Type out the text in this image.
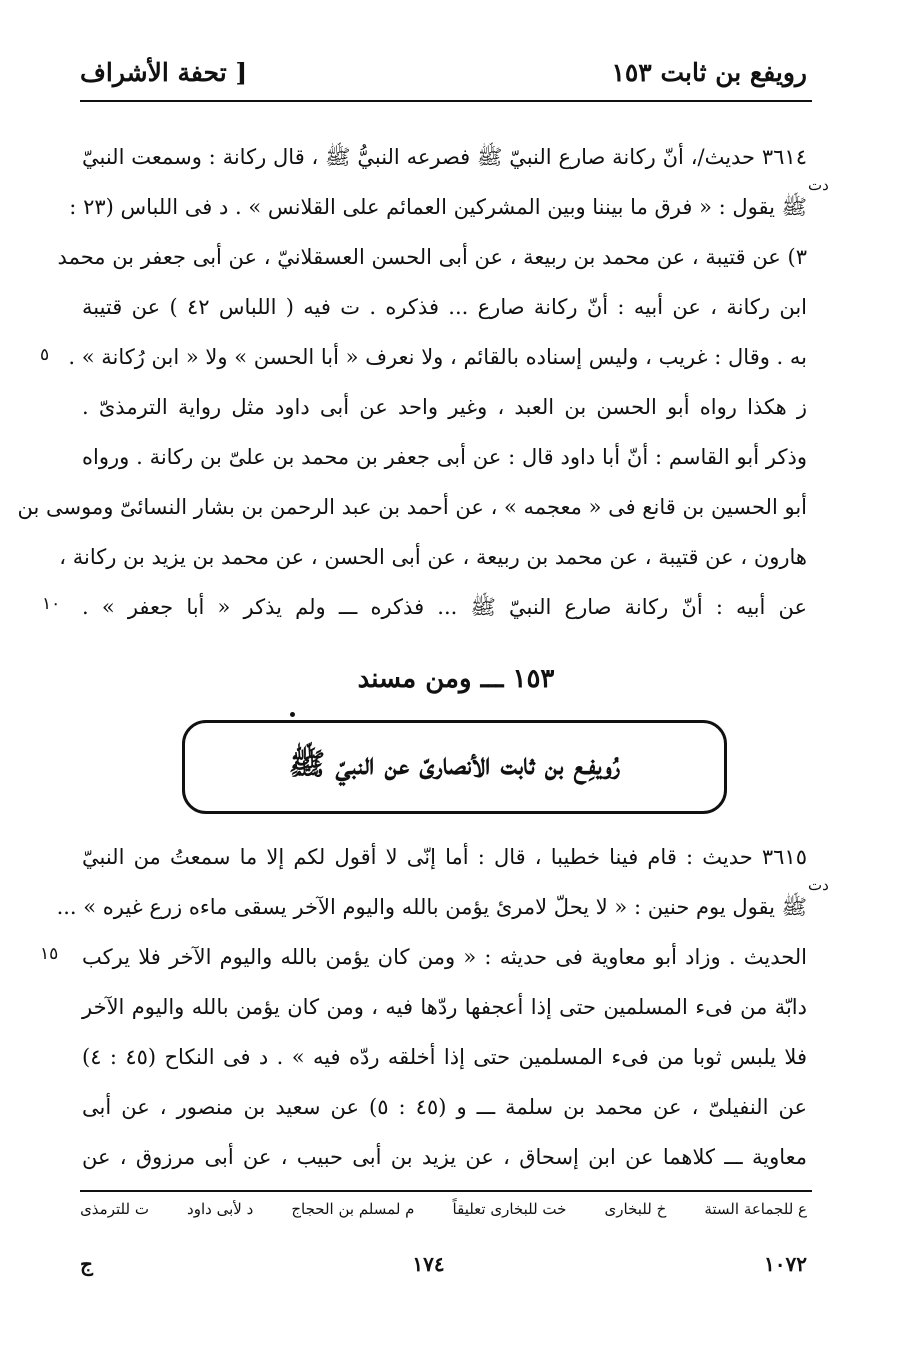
رويفع بن ثابت ١٥٣
[ تحفة الأشراف
٣٦١٤ حديث/، أنّ ركانة صارع النبيّ ﷺ فصرعه النبيُّ ﷺ ، قال ركانة : وسمعت النبيّ
ﷺ يقول : « فرق ما بيننا وبين المشركين العمائم على القلانس » . د فى اللباس (٢٣ :
٣) عن قتيبة ، عن محمد بن ربيعة ، عن أبى الحسن العسقلانيّ ، عن أبى جعفر بن محمد
ابن ركانة ، عن أبيه : أنّ ركانة صارع ... فذكره . ت فيه ( اللباس ٤٢ ) عن قتيبة
به . وقال : غريب ، وليس إسناده بالقائم ، ولا نعرف « أبا الحسن » ولا « ابن رُكانة » .
ز هكذا رواه أبو الحسن بن العبد ، وغير واحد عن أبى داود مثل رواية الترمذىّ .
وذكر أبو القاسم : أنّ أبا داود قال : عن أبى جعفر بن محمد بن علىّ بن ركانة . ورواه
أبو الحسين بن قانع فى « معجمه » ، عن أحمد بن عبد الرحمن بن بشار النسائىّ وموسى بن
هارون ، عن قتيبة ، عن محمد بن ربيعة ، عن أبى الحسن ، عن محمد بن يزيد بن ركانة ،
عن أبيه : أنّ ركانة صارع النبيّ ﷺ ... فذكره ـــ ولم يذكر « أبا جعفر » .
دت
٥
١٠
١٥٣ ـــ ومن مسند
رُويفِـع بن ثابت الأنصارىّ عن النبيّ ﷺ
٣٦١٥ حديث : قام فينا خطيبا ، قال : أما إنّى لا أقول لكم إلا ما سمعتُ من النبيّ
ﷺ يقول يوم حنين : « لا يحلّ لامرئ يؤمن بالله واليوم الآخر يسقى ماءه زرع غيره » ...
الحديث . وزاد أبو معاوية فى حديثه : « ومن كان يؤمن بالله واليوم الآخر فلا يركب
دابّة من فىء المسلمين حتى إذا أعجفها ردّها فيه ، ومن كان يؤمن بالله واليوم الآخر
فلا يلبس ثوبا من فىء المسلمين حتى إذا أخلقه ردّه فيه » . د فى النكاح (٤٥ : ٤)
عن النفيلىّ ، عن محمد بن سلمة ـــ و (٤٥ : ٥) عن سعيد بن منصور ، عن أبى
معاوية ـــ كلاهما عن ابن إسحاق ، عن يزيد بن أبى حبيب ، عن أبى مرزوق ، عن
دت
١٥
ع للجماعة الستة
خ للبخارى
خت للبخارى تعليقاً
م لمسلم بن الحجاج
د لأبى داود
ت للترمذى
١٠٧٢
١٧٤
ج
